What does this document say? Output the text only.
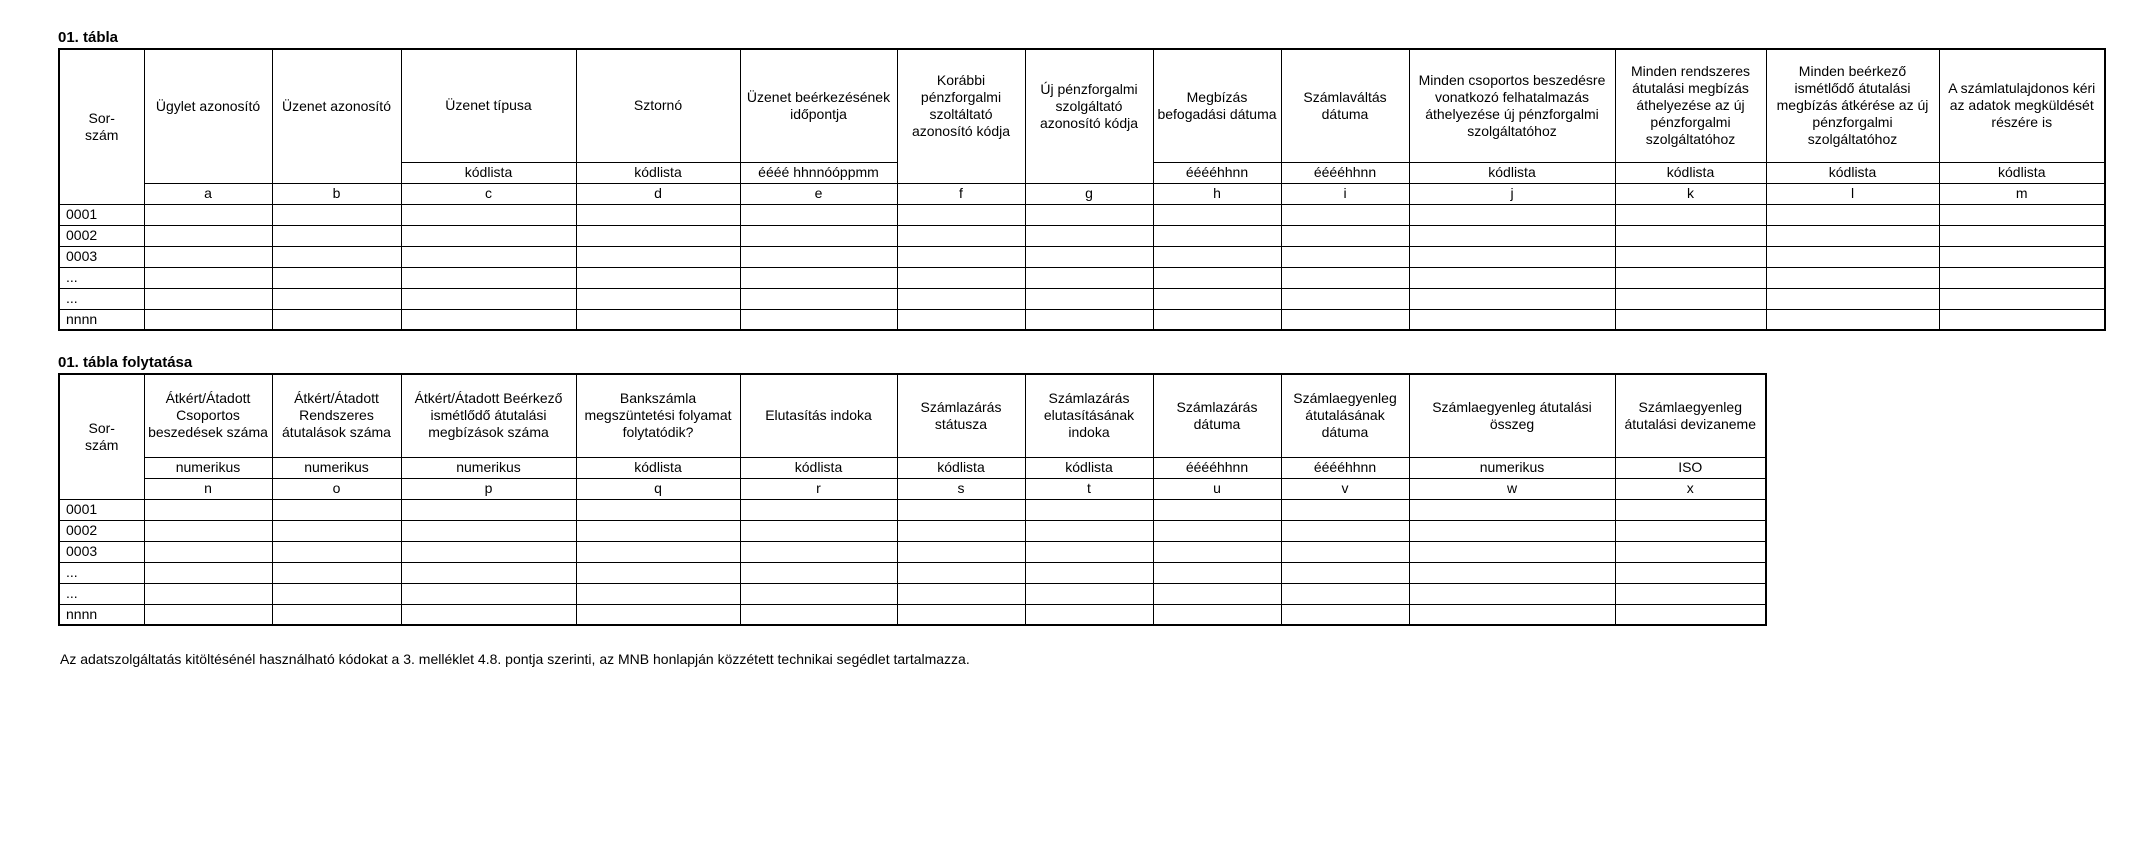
01. tábla
Sor-
szám	Ügylet azonosító	Üzenet azonosító	Üzenet típusa	Sztornó	Üzenet beérkezésének időpontja	Korábbi pénzforgalmi szoltáltató azonosító kódja	Új pénzforgalmi szolgáltató azonosító kódja	Megbízás befogadási dátuma	Számlaváltás dátuma	Minden csoportos beszedésre vonatkozó felhatalmazás áthelyezése új pénzforgalmi szolgáltatóhoz	Minden rendszeres átutalási megbízás áthelyezése az új pénzforgalmi szolgáltatóhoz	Minden beérkező ismétlődő átutalási megbízás átkérése az új pénzforgalmi szolgáltatóhoz	A számlatulajdonos kéri az adatok megküldését részére is
			kódlista	kódlista	éééé hhnnóóppmm			ééééhhnn	ééééhhnn	kódlista	kódlista	kódlista	kódlista
	a	b	c	d	e	f	g	h	i	j	k	l	m
0001													
0002													
0003													
...													
...													
nnnn													
01. tábla folytatása
Sor-
szám	Átkért/Átadott Csoportos beszedések száma	Átkért/Átadott Rendszeres átutalások száma	Átkért/Átadott Beérkező ismétlődő átutalási megbízások száma	Bankszámla megszüntetési folyamat folytatódik?	Elutasítás indoka	Számlazárás státusza	Számlazárás elutasításának indoka	Számlazárás dátuma	Számlaegyenleg átutalásának dátuma	Számlaegyenleg átutalási összeg	Számlaegyenleg átutalási devizaneme
	numerikus	numerikus	numerikus	kódlista	kódlista	kódlista	kódlista	ééééhhnn	ééééhhnn	numerikus	ISO
	n	o	p	q	r	s	t	u	v	w	x
0001											
0002											
0003											
...											
...											
nnnn											
Az adatszolgáltatás kitöltésénél használható kódokat a 3. melléklet 4.8. pontja szerinti, az MNB honlapján közzétett technikai segédlet tartalmazza.
